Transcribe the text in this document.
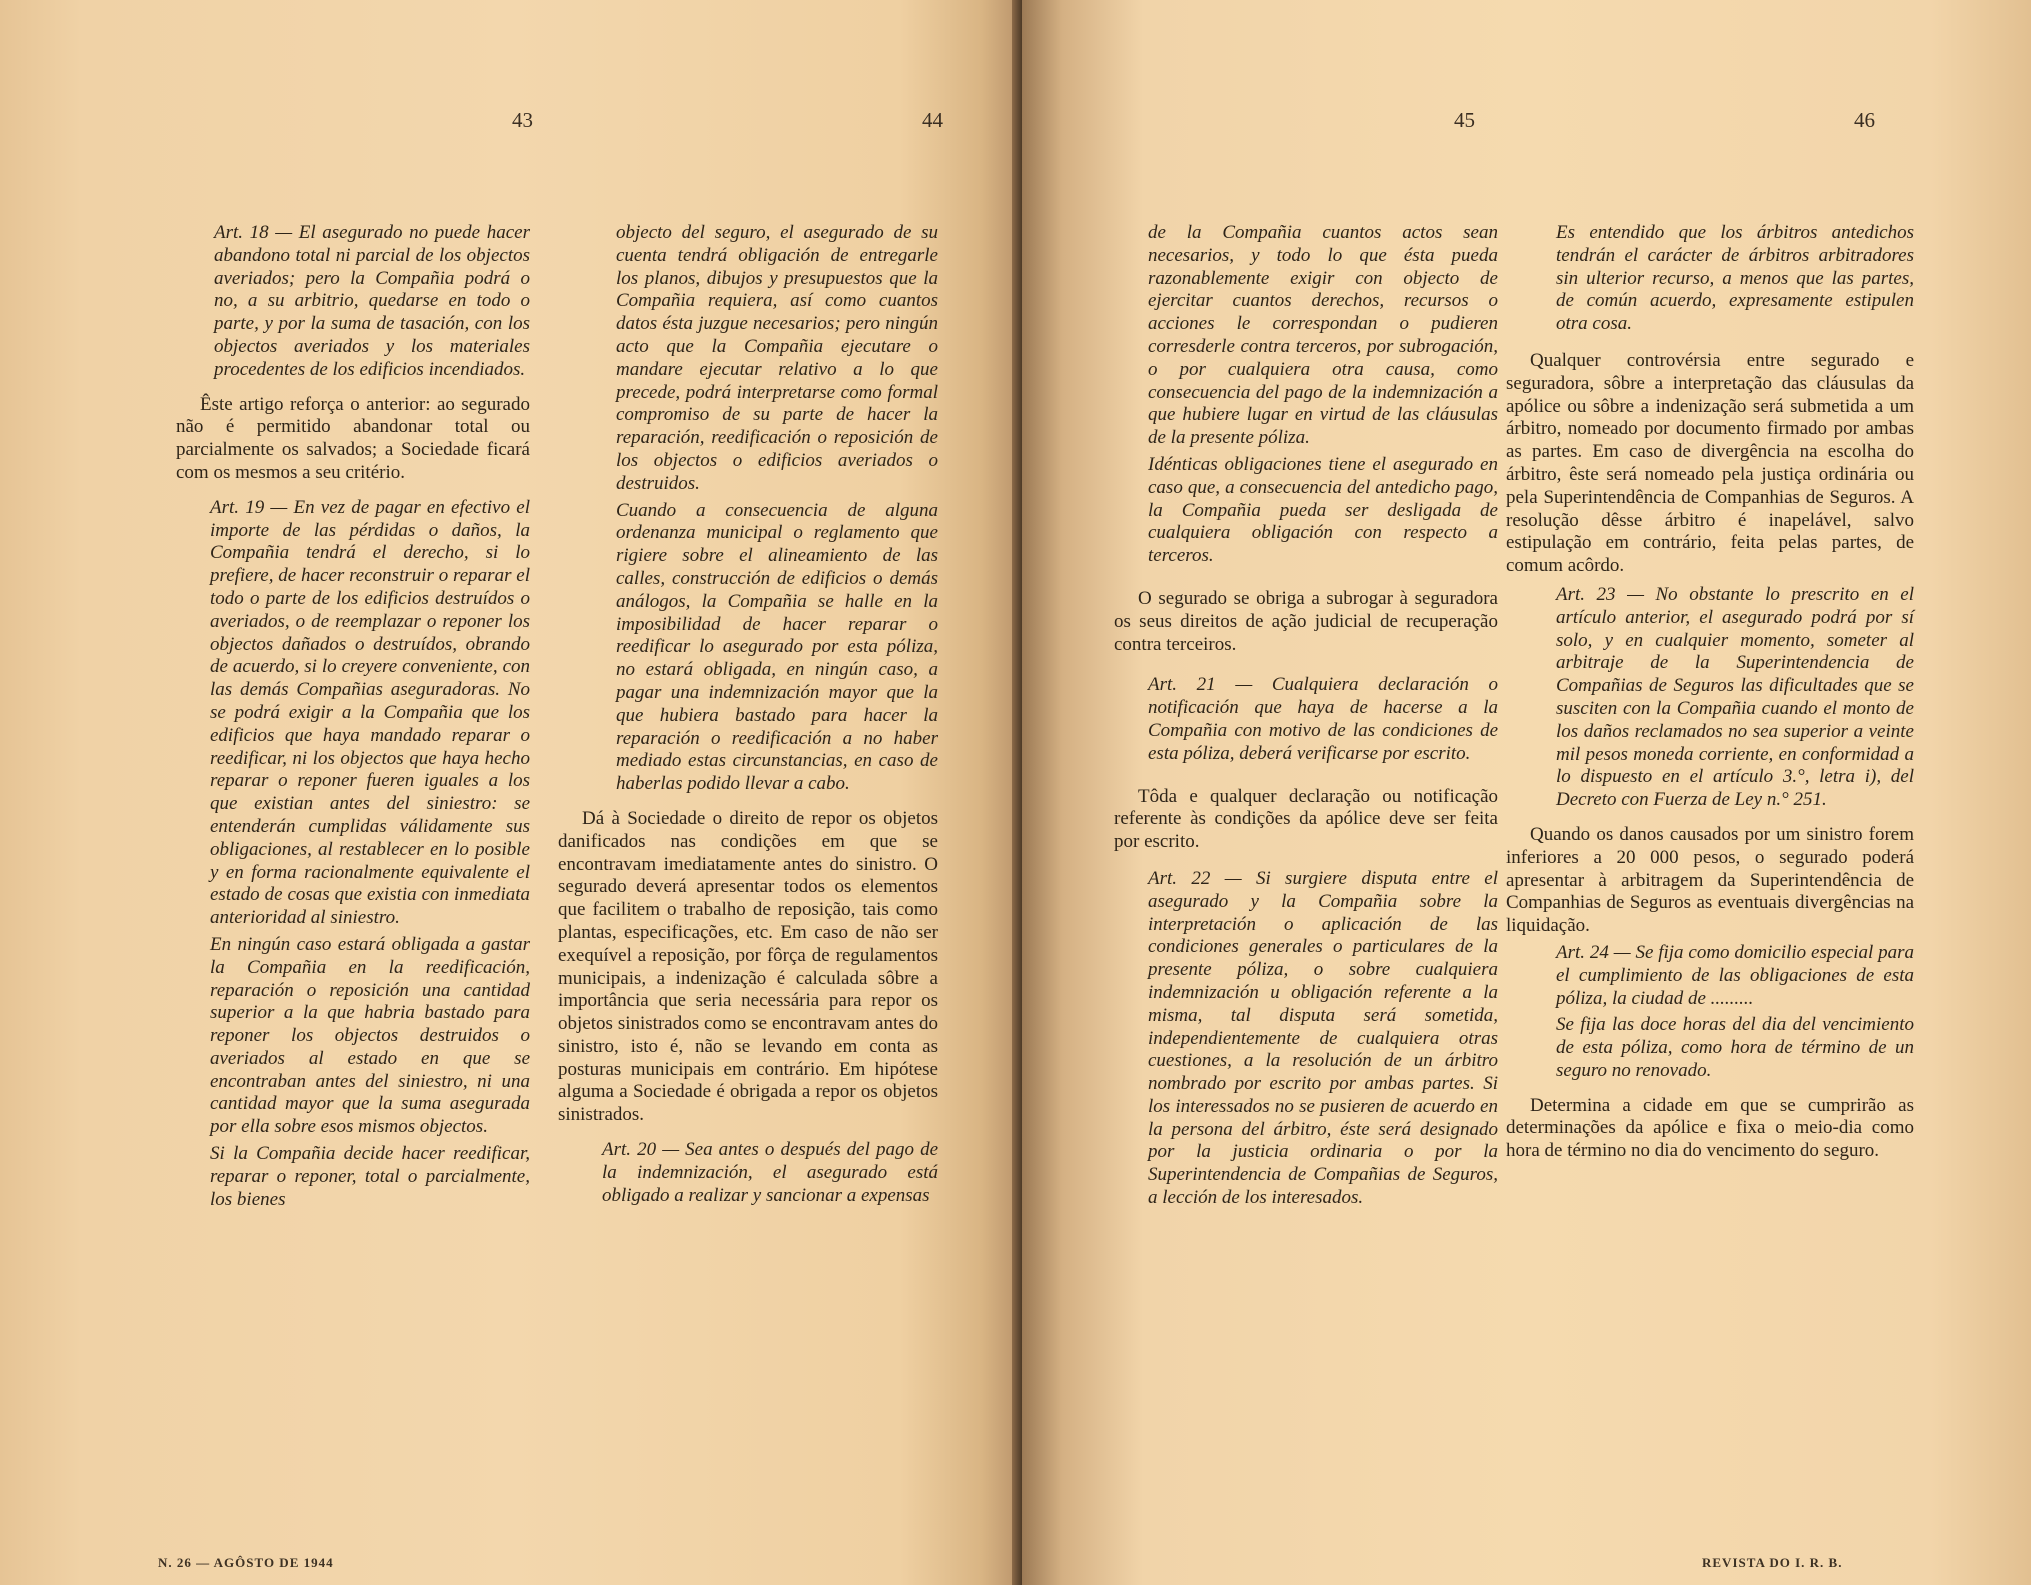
43	44

Art. 18 — El asegurado no puede hacer abandono total ni parcial de los objectos averiados; pero la Compañia podrá o no, a su arbitrio, quedarse en todo o parte, y por la suma de tasación, con los objectos averiados y los materiales procedentes de los edificios incendiados.

Êste artigo reforça o anterior: ao segurado não é permitido abandonar total ou parcialmente os salvados; a Sociedade ficará com os mesmos a seu critério.

Art. 19 — En vez de pagar en efectivo el importe de las pérdidas o daños, la Compañia tendrá el derecho, si lo prefiere, de hacer reconstruir o reparar el todo o parte de los edificios destruídos o averiados, o de reemplazar o reponer los objectos dañados o destruídos, obrando de acuerdo, si lo creyere conveniente, con las demás Compañias aseguradoras. No se podrá exigir a la Compañia que los edificios que haya mandado reparar o reedificar, ni los objectos que haya hecho reparar o reponer fueren iguales a los que existian antes del siniestro: se entenderán cumplidas válidamente sus obligaciones, al restablecer en lo posible y en forma racionalmente equivalente el estado de cosas que existia con inmediata anterioridad al siniestro.

En ningún caso estará obligada a gastar la Compañia en la reedificación, reparación o reposición una cantidad superior a la que habria bastado para reponer los objectos destruidos o averiados al estado en que se encontraban antes del siniestro, ni una cantidad mayor que la suma asegurada por ella sobre esos mismos objectos.

Si la Compañia decide hacer reedificar, reparar o reponer, total o parcialmente, los bienes

objecto del seguro, el asegurado de su cuenta tendrá obligación de entregarle los planos, dibujos y presupuestos que la Compañia requiera, así como cuantos datos ésta juzgue necesarios; pero ningún acto que la Compañia ejecutare o mandare ejecutar relativo a lo que precede, podrá interpretarse como formal compromiso de su parte de hacer la reparación, reedificación o reposición de los objectos o edificios averiados o destruidos.

Cuando a consecuencia de alguna ordenanza municipal o reglamento que rigiere sobre el alineamiento de las calles, construcción de edificios o demás análogos, la Compañia se halle en la imposibilidad de hacer reparar o reedificar lo asegurado por esta póliza, no estará obligada, en ningún caso, a pagar una indemnización mayor que la que hubiera bastado para hacer la reparación o reedificación a no haber mediado estas circunstancias, en caso de haberlas podido llevar a cabo.

Dá à Sociedade o direito de repor os objetos danificados nas condições em que se encontravam imediatamente antes do sinistro. O segurado deverá apresentar todos os elementos que facilitem o trabalho de reposição, tais como plantas, especificações, etc. Em caso de não ser exequível a reposição, por fôrça de regulamentos municipais, a indenização é calculada sôbre a importância que seria necessária para repor os objetos sinistrados como se encontravam antes do sinistro, isto é, não se levando em conta as posturas municipais em contrário. Em hipótese alguma a Sociedade é obrigada a repor os objetos sinistrados.

Art. 20 — Sea antes o después del pago de la indemnización, el asegurado está obligado a realizar y sancionar a expensas

N. 26 — AGÔSTO DE 1944
45	46

de la Compañia cuantos actos sean necesarios, y todo lo que ésta pueda razonablemente exigir con objecto de ejercitar cuantos derechos, recursos o acciones le correspondan o pudieren corresderle contra terceros, por subrogación, o por cualquiera otra causa, como consecuencia del pago de la indemnización a que hubiere lugar en virtud de las cláusulas de la presente póliza.

Idénticas obligaciones tiene el asegurado en caso que, a consecuencia del antedicho pago, la Compañia pueda ser desligada de cualquiera obligación con respecto a terceros.

O segurado se obriga a subrogar à seguradora os seus direitos de ação judicial de recuperação contra terceiros.

Art. 21 — Cualquiera declaración o notificación que haya de hacerse a la Compañia con motivo de las condiciones de esta póliza, deberá verificarse por escrito.

Tôda e qualquer declaração ou notificação referente às condições da apólice deve ser feita por escrito.

Art. 22 — Si surgiere disputa entre el asegurado y la Compañia sobre la interpretación o aplicación de las condiciones generales o particulares de la presente póliza, o sobre cualquiera indemnización u obligación referente a la misma, tal disputa será sometida, independientemente de cualquiera otras cuestiones, a la resolución de un árbitro nombrado por escrito por ambas partes. Si los interessados no se pusieren de acuerdo en la persona del árbitro, éste será designado por la justicia ordinaria o por la Superintendencia de Compañias de Seguros, a lección de los interesados.

Es entendido que los árbitros antedichos tendrán el carácter de árbitros arbitradores sin ulterior recurso, a menos que las partes, de común acuerdo, expresamente estipulen otra cosa.

Qualquer controvérsia entre segurado e seguradora, sôbre a interpretação das cláusulas da apólice ou sôbre a indenização será submetida a um árbitro, nomeado por documento firmado por ambas as partes. Em caso de divergência na escolha do árbitro, êste será nomeado pela justiça ordinária ou pela Superintendência de Companhias de Seguros. A resolução dêsse árbitro é inapelável, salvo estipulação em contrário, feita pelas partes, de comum acôrdo.

Art. 23 — No obstante lo prescrito en el artículo anterior, el asegurado podrá por sí solo, y en cualquier momento, someter al arbitraje de la Superintendencia de Compañias de Seguros las dificultades que se susciten con la Compañia cuando el monto de los daños reclamados no sea superior a veinte mil pesos moneda corriente, en conformidad a lo dispuesto en el artículo 3.°, letra i), del Decreto con Fuerza de Ley n.° 251.

Quando os danos causados por um sinistro forem inferiores a 20 000 pesos, o segurado poderá apresentar à arbitragem da Superintendência de Companhias de Seguros as eventuais divergências na liquidação.

Art. 24 — Se fija como domicilio especial para el cumplimiento de las obligaciones de esta póliza, la ciudad de .........

Se fija las doce horas del dia del vencimiento de esta póliza, como hora de término de un seguro no renovado.

Determina a cidade em que se cumprirão as determinações da apólice e fixa o meio-dia como hora de término no dia do vencimento do seguro.

REVISTA DO I. R. B.
